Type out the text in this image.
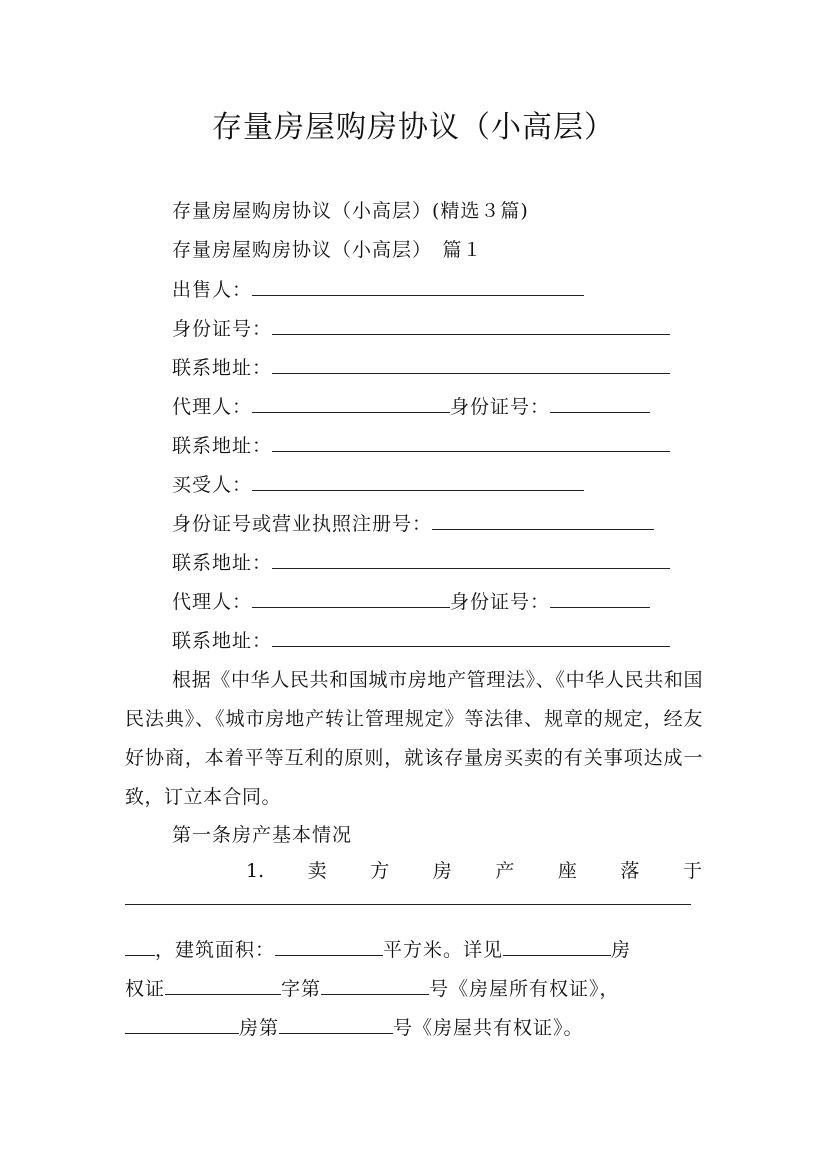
存量房屋购房协议（小高层）
存量房屋购房协议（小高层）(精选３篇)
存量房屋购房协议（小高层）　篇１
出售人：
身份证号：
联系地址：
代理人：	身份证号：
联系地址：
买受人：
身份证号或营业执照注册号：
联系地址：
代理人：	身份证号：
联系地址：

根据《中华人民共和国城市房地产管理法》、《中华人民共和国民法典》、《城市房地产转让管理规定》等法律、规章的规定，经友好协商，本着平等互利的原则，就该存量房买卖的有关事项达成一致，订立本合同。

第一条房产基本情况
1. 卖 方 房 产 座 落 于
，建筑面积：	平方米。详见	房
权证	字第	号《房屋所有权证》，
房第	号《房屋共有权证》。
